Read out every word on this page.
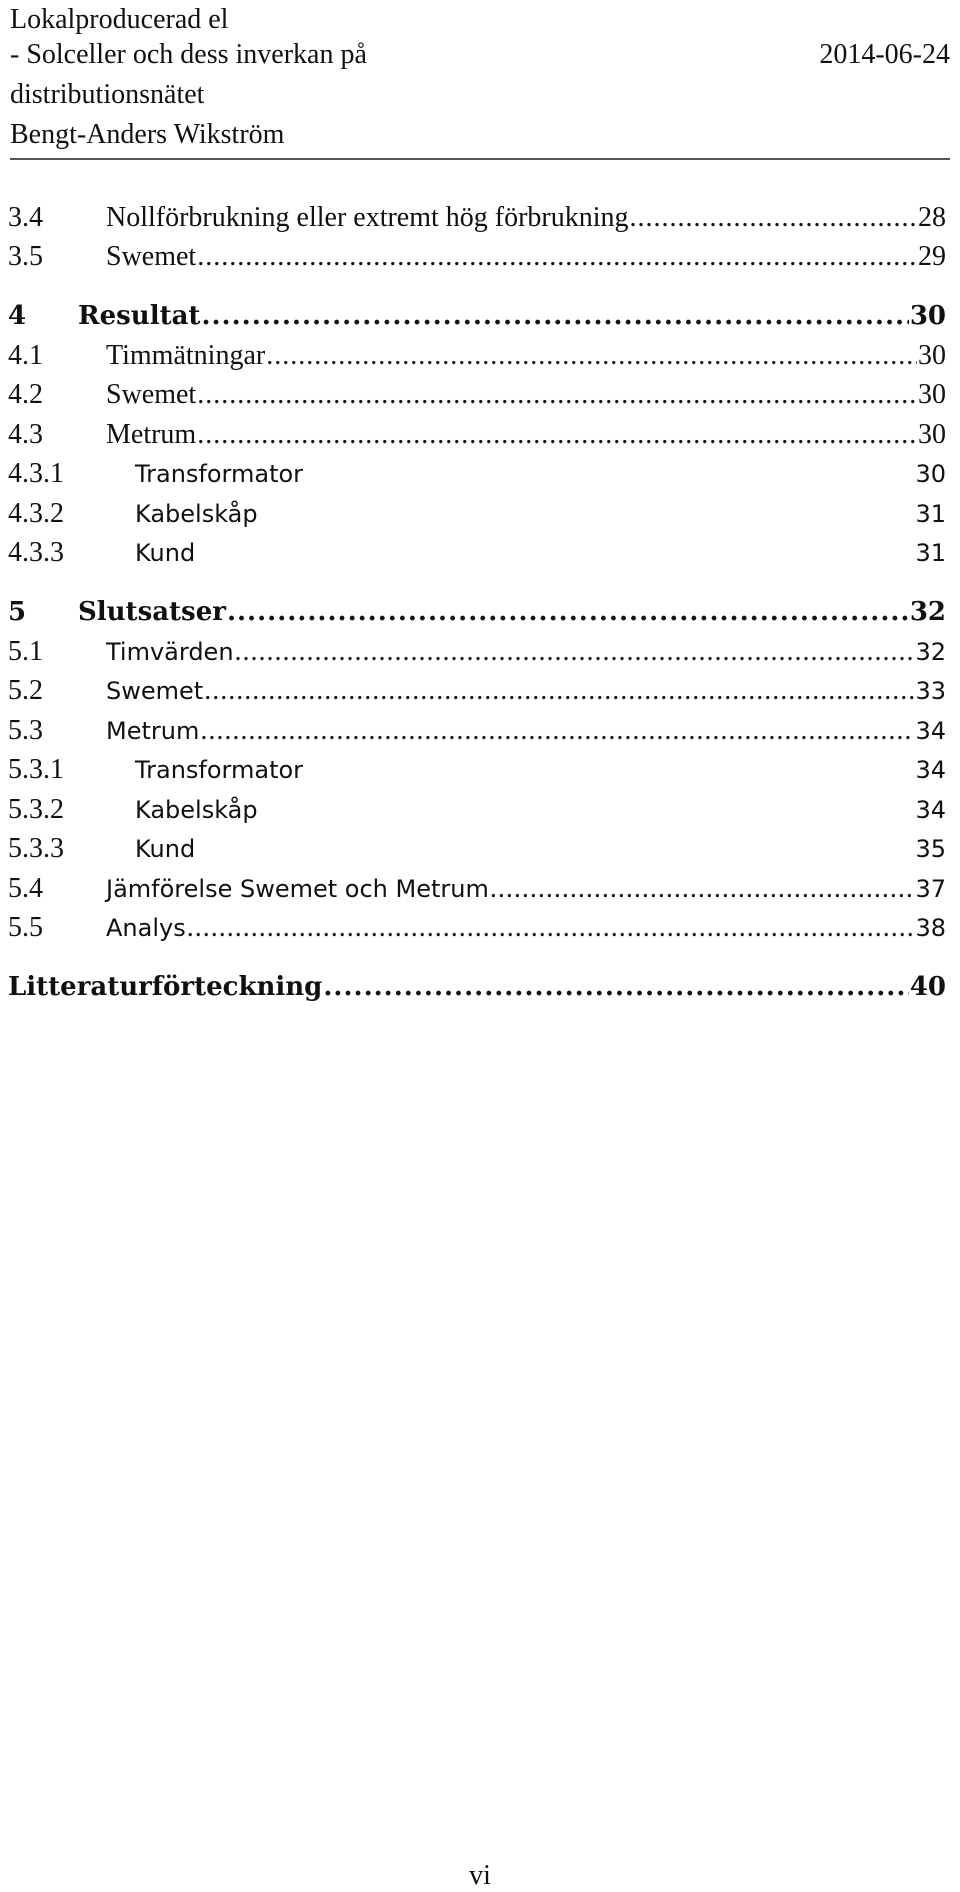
Lokalproducerad el
- Solceller och dess inverkan på
distributionsnätet
Bengt-Anders Wikström
2014-06-24
3.4 Nollförbrukning eller extremt hög förbrukning .....	28
3.5 Swemet .....	29
4 Resultat .....	30
4.1 Timmätningar .....	30
4.2 Swemet .....	30
4.3 Metrum .....	30
4.3.1	Transformator	30
4.3.2	Kabelskåp	31
4.3.3	Kund	31
5 Slutsatser .....	32
5.1	Timvärden .....	32
5.2	Swemet .....	33
5.3	Metrum .....	34
5.3.1	Transformator	34
5.3.2	Kabelskåp	34
5.3.3	Kund	35
5.4	Jämförelse Swemet och Metrum .....	37
5.5	Analys .....	38
Litteraturförteckning .....	40
vi
